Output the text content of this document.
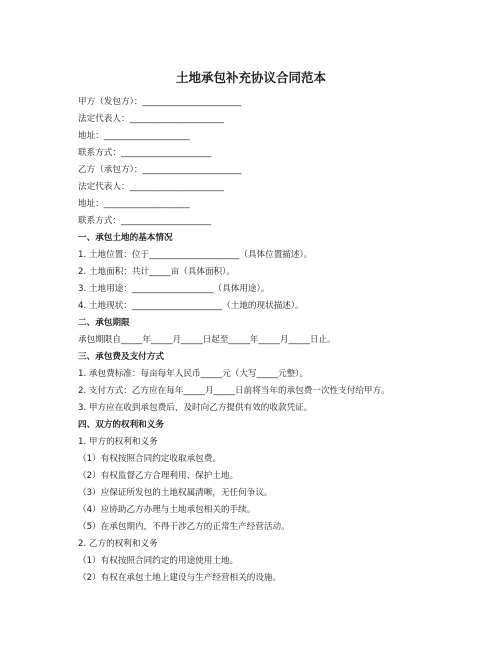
土地承包补充协议合同范本
甲方（发包方）：_______________________
法定代表人：______________________
地址：____________________
联系方式：_____________________
乙方（承包方）：_______________________
法定代表人：______________________
地址：____________________
联系方式：_____________________
一、承包土地的基本情况
1. 土地位置：位于_____________________（具体位置描述）。
2. 土地面积：共计_____亩（具体面积）。
3. 土地用途：___________________（具体用途）。
4. 土地现状：_____________________（土地的现状描述）。
二、承包期限
承包期限自_____年_____月_____日起至_____年_____月_____日止。
三、承包费及支付方式
1. 承包费标准：每亩每年人民币_____元（大写_____元整）。
2. 支付方式：乙方应在每年_____月_____日前将当年的承包费一次性支付给甲方。
3. 甲方应在收到承包费后，及时向乙方提供有效的收款凭证。
四、双方的权利和义务
1. 甲方的权利和义务
（1）有权按照合同约定收取承包费。
（2）有权监督乙方合理利用、保护土地。
（3）应保证所发包的土地权属清晰，无任何争议。
（4）应协助乙方办理与土地承包相关的手续。
（5）在承包期内，不得干涉乙方的正常生产经营活动。
2. 乙方的权利和义务
（1）有权按照合同约定的用途使用土地。
（2）有权在承包土地上建设与生产经营相关的设施。
